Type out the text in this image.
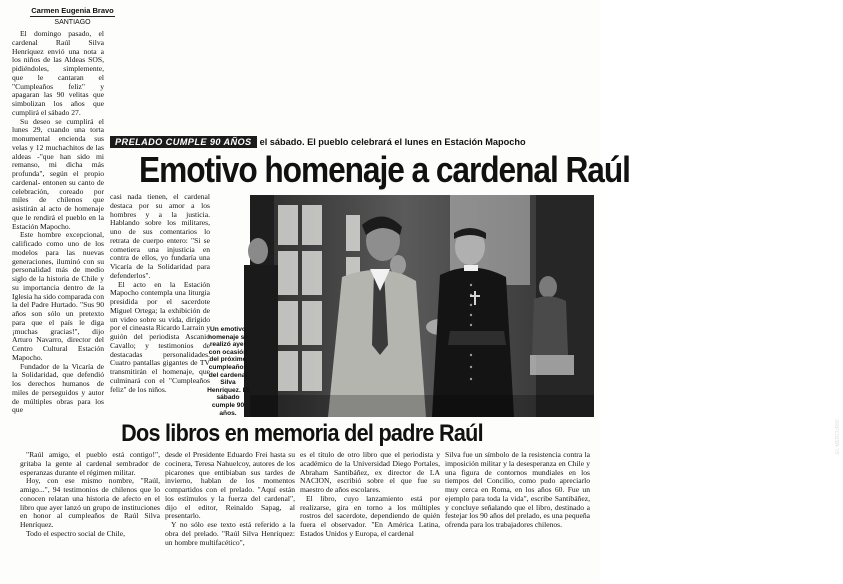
Carmen Eugenia Bravo
SANTIAGO

El domingo pasado, el cardenal Raúl Silva Henríquez envió una nota a los niños de las Aldeas SOS, pidiéndoles, simplemente, que le cantaran el "Cumpleaños feliz" y apagaran las 90 velitas que simbolizan los años que cumplirá el sábado 27.

Su deseo se cumplirá el lunes 29, cuando una torta monumental encienda sus velas y 12 muchachitos de las aldeas -"que han sido mi remanso, mi dicha más profunda", según el propio cardenal- entonen su canto de celebración, coreado por miles de chilenos que asistirán al acto de homenaje que le rendirá el pueblo en la Estación Mapocho.

Este hombre excepcional, calificado como uno de los modelos para las nuevas generaciones, iluminó con su personalidad más de medio siglo de la historia de Chile y su importancia dentro de la Iglesia ha sido comparada con la del Padre Hurtado. "Sus 90 años son sólo un pretexto para que el país le diga ¡muchas gracias!", dijo Arturo Navarro, director del Centro Cultural Estación Mapocho.

Fundador de la Vicaría de la Solidaridad, que defendió los derechos humanos de miles de perseguidos y autor de múltiples obras para los que

PRELADO CUMPLE 90 AÑOS el sábado. El pueblo celebrará el lunes en Estación Mapocho
Emotivo homenaje a cardenal Raúl

casi nada tienen, el cardenal destaca por su amor a los hombres y a la justicia. Hablando sobre los militares, uno de sus comentarios lo retrata de cuerpo entero: "Si se cometiera una injusticia en contra de ellos, yo fundaría una Vicaría de la Solidaridad para defenderlos".

El acto en la Estación Mapocho contempla una liturgia presidida por el sacerdote Miguel Ortega; la exhibición de un video sobre su vida, dirigido por el cineasta Ricardo Larrain y guión del periodista Ascanio Cavallo; y testimonios de destacadas personalidades. Cuatro pantallas gigantes de TV transmitirán el homenaje, que culminará con el "Cumpleaños feliz" de los niños.

EL MERCURIO
Un emotivo homenaje se realizó ayer con ocasión del próximo cumpleaños del cardenal Silva Henríquez. El sábado cumple 90 años.
Dos libros en memoria del padre Raúl

"Raúl amigo, el pueblo está contigo!", gritaba la gente al cardenal sembrador de esperanzas durante el régimen militar.

Hoy, con ese mismo nombre, "Raúl, amigo...", 94 testimonios de chilenos que lo conocen relatan una historia de afecto en el libro que ayer lanzó un grupo de instituciones en honor al cumpleaños de Raúl Silva Henríquez.

Todo el espectro social de Chile,

desde el Presidente Eduardo Frei hasta su cocinera, Teresa Nahuelcoy, autores de los picarones que entibiaban sus tardes de invierno, hablan de los momentos compartidos con el prelado. "Aquí están los estímulos y la fuerza del cardenal", dijo el editor, Reinaldo Sapag, al presentarlo.

Y no sólo ese texto está referido a la obra del prelado. "Raúl Silva Henríquez: un hombre multifacético",

es el título de otro libro que el periodista y académico de la Universidad Diego Portales, Abraham Santibáñez, ex director de LA NACION, escribió sobre el que fue su maestro de años escolares.

El libro, cuyo lanzamiento está por realizarse, gira en torno a los múltiples rostros del sacerdote, dependiendo de quién fuera el observador. "En América Latina, Estados Unidos y Europa, el cardenal

Silva fue un símbolo de la resistencia contra la imposición militar y la desesperanza en Chile y una figura de contornos mundiales en los tiempos del Concilio, como pudo apreciarlo muy cerca en Roma, en los años 60. Fue un ejemplo para toda la vida", escribe Santibáñez, y concluye señalando que el libro, destinado a festejar los 90 años del prelado, es una pequeña ofrenda para los trabajadores chilenos.
